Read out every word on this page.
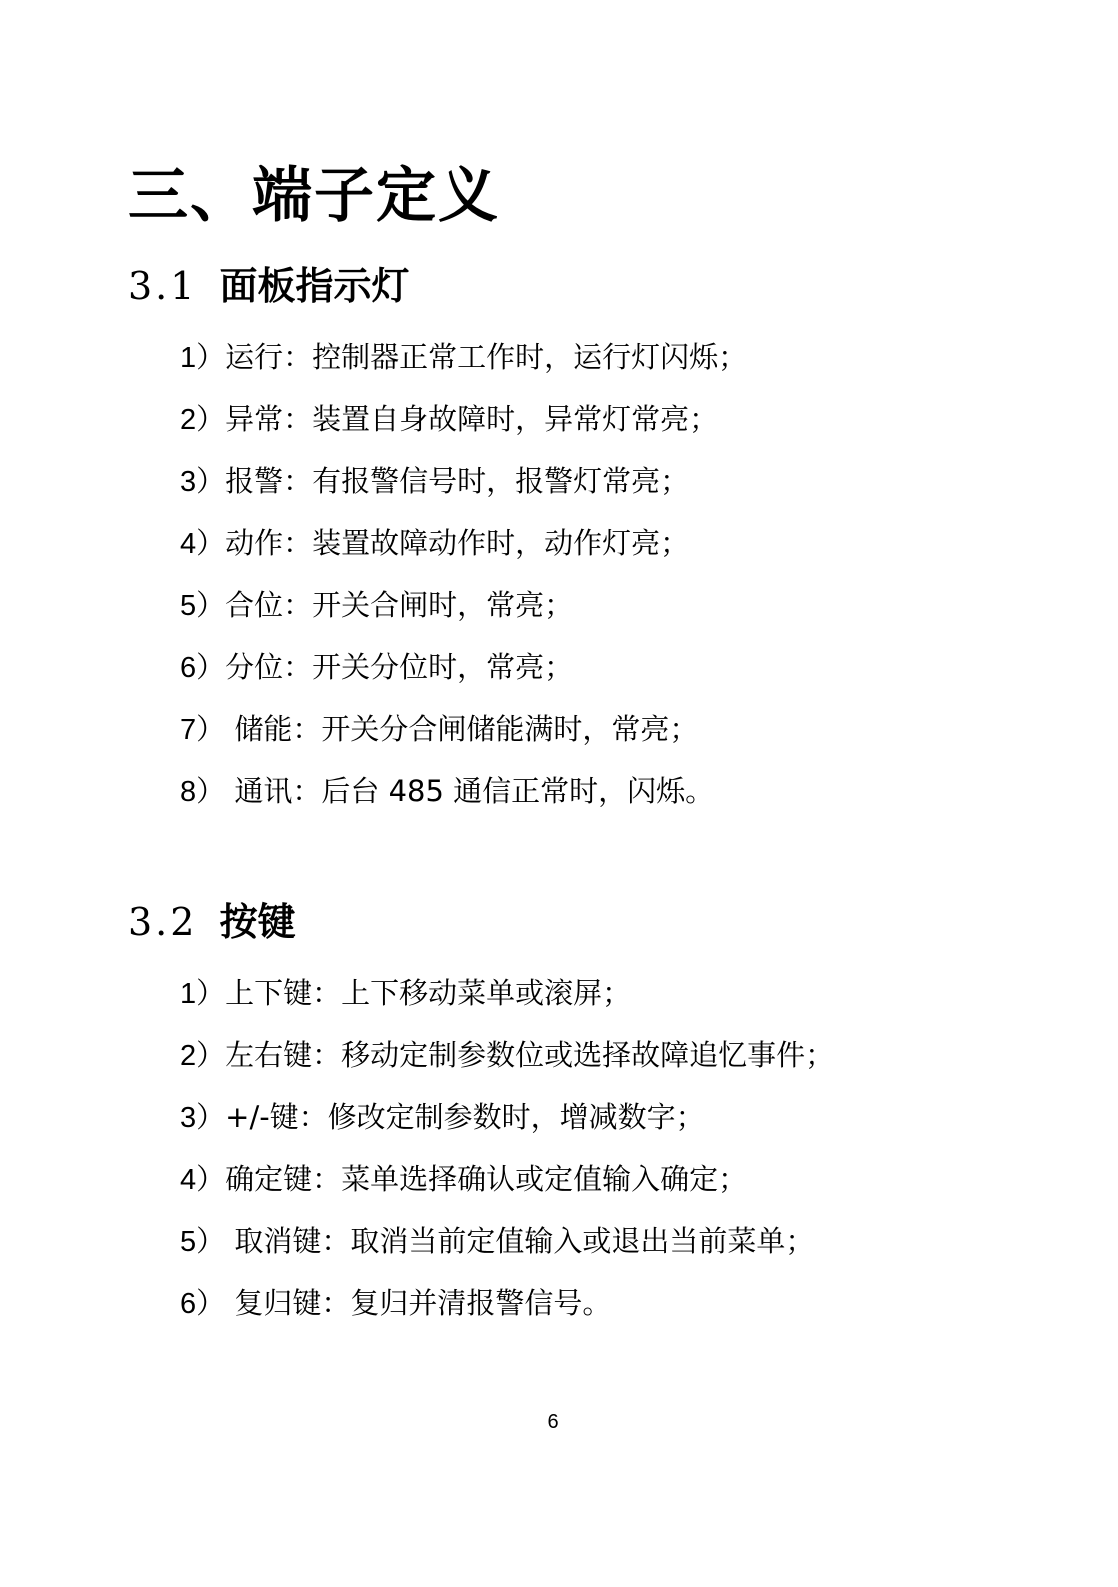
三、端子定义
3.1 面板指示灯
1）运行：控制器正常工作时，运行灯闪烁；
2）异常：装置自身故障时，异常灯常亮；
3）报警：有报警信号时，报警灯常亮；
4）动作：装置故障动作时，动作灯亮；
5）合位：开关合闸时，常亮；
6）分位：开关分位时，常亮；
7） 储能：开关分合闸储能满时，常亮；
8） 通讯：后台 485 通信正常时，闪烁。
3.2 按键
1）上下键：上下移动菜单或滚屏；
2）左右键：移动定制参数位或选择故障追忆事件；
3）+/-键：修改定制参数时，增减数字；
4）确定键：菜单选择确认或定值输入确定；
5） 取消键：取消当前定值输入或退出当前菜单；
6） 复归键：复归并清报警信号。
6
